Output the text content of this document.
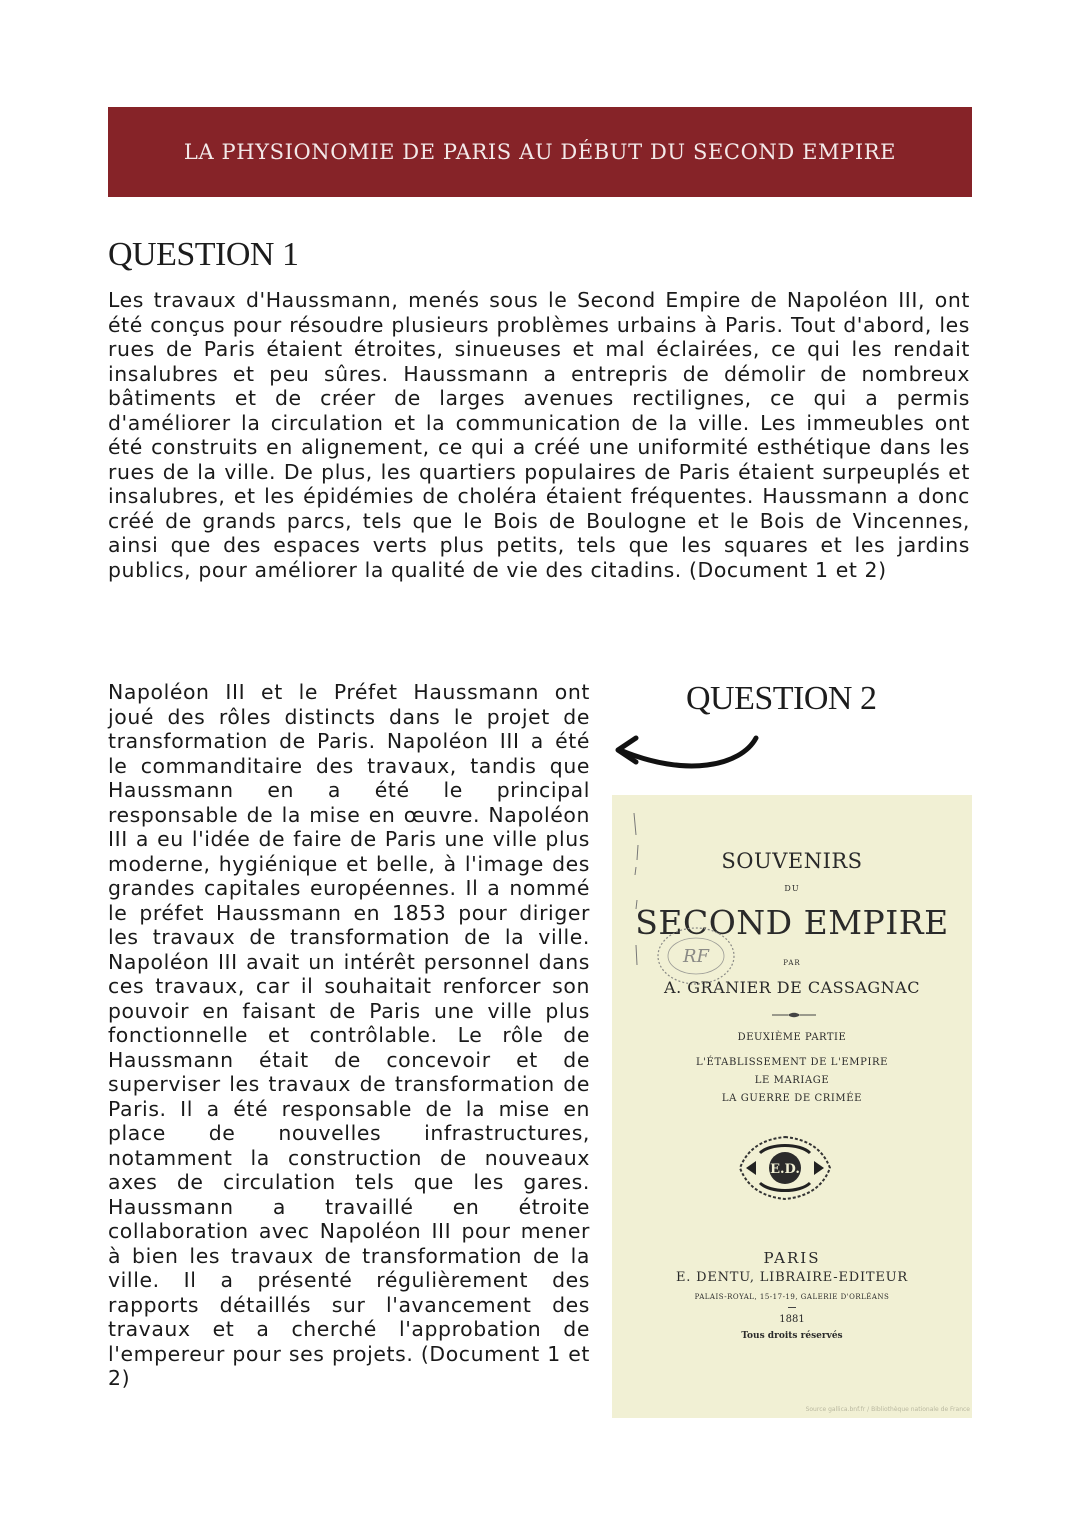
LA PHYSIONOMIE DE PARIS AU DÉBUT DU SECOND EMPIRE
QUESTION 1

Les travaux d'Haussmann, menés sous le Second Empire de Napoléon III, ont été conçus pour résoudre plusieurs problèmes urbains à Paris. Tout d'abord, les rues de Paris étaient étroites, sinueuses et mal éclairées, ce qui les rendait insalubres et peu sûres. Haussmann a entrepris de démolir de nombreux bâtiments et de créer de larges avenues rectilignes, ce qui a permis d'améliorer la circulation et la communication de la ville. Les immeubles ont été construits en alignement, ce qui a créé une uniformité esthétique dans les rues de la ville. De plus, les quartiers populaires de Paris étaient surpeuplés et insalubres, et les épidémies de choléra étaient fréquentes. Haussmann a donc créé de grands parcs, tels que le Bois de Boulogne et le Bois de Vincennes, ainsi que des espaces verts plus petits, tels que les squares et les jardins publics, pour améliorer la qualité de vie des citadins. (Document 1 et 2)

Napoléon III et le Préfet Haussmann ont joué des rôles distincts dans le projet de transformation de Paris. Napoléon III a été le commanditaire des travaux, tandis que Haussmann en a été le principal responsable de la mise en œuvre. Napoléon III a eu l'idée de faire de Paris une ville plus moderne, hygiénique et belle, à l'image des grandes capitales européennes. Il a nommé le préfet Haussmann en 1853 pour diriger les travaux de transformation de la ville. Napoléon III avait un intérêt personnel dans ces travaux, car il souhaitait renforcer son pouvoir en faisant de Paris une ville plus fonctionnelle et contrôlable. Le rôle de Haussmann était de concevoir et de superviser les travaux de transformation de Paris. Il a été responsable de la mise en place de nouvelles infrastructures, notamment la construction de nouveaux axes de circulation tels que les gares. Haussmann a travaillé en étroite collaboration avec Napoléon III pour mener à bien les travaux de transformation de la ville. Il a présenté régulièrement des rapports détaillés sur l'avancement des travaux et a cherché l'approbation de l'empereur pour ses projets. (Document 1 et 2)

QUESTION 2
SOUVENIRS
DU
SECOND EMPIRE
RF	PAR
A. GRANIER DE CASSAGNAC
DEUXIÈME PARTIE
L'ÉTABLISSEMENT DE L'EMPIRE
LE MARIAGE
LA GUERRE DE CRIMÉE
E.D.
PARIS
E. DENTU, LIBRAIRE-EDITEUR
PALAIS-ROYAL, 15-17-19, GALERIE D'ORLÉANS
1881
Tous droits réservés
Source gallica.bnf.fr / Bibliothèque nationale de France
